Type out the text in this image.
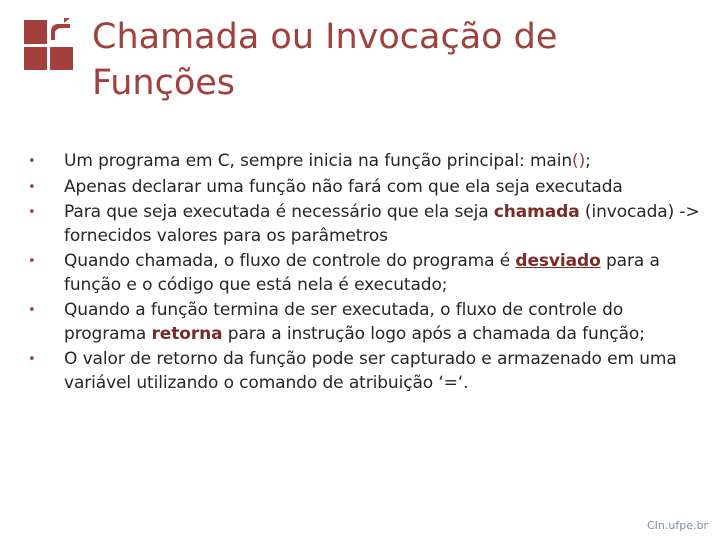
Chamada ou Invocação de
Funções
•	Um programa em C, sempre inicia na função principal: main();
•	Apenas declarar uma função não fará com que ela seja executada
•	Para que seja executada é necessário que ela seja chamada (invocada) -> fornecidos valores para os parâmetros
•	Quando chamada, o fluxo de controle do programa é desviado para a função e o código que está nela é executado;
•	Quando a função termina de ser executada, o fluxo de controle do programa retorna para a instrução logo após a chamada da função;
•	O valor de retorno da função pode ser capturado e armazenado em uma variável utilizando o comando de atribuição ‘=‘.
CIn.ufpe.br
